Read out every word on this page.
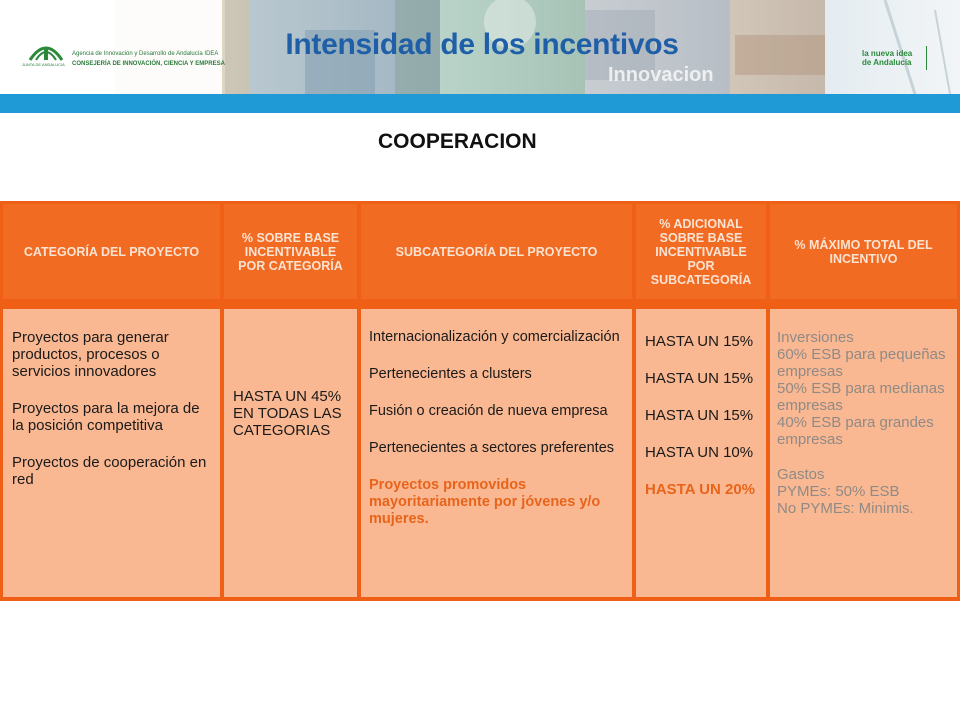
JUNTA DE ANDALUCIA
Agencia de Innovación y Desarrollo de Andalucía IDEA
CONSEJERÍA DE INNOVACIÓN, CIENCIA Y EMPRESA	Innovacion
Intensidad de los incentivos	la nueva idea
de Andalucía
COOPERACION
CATEGORÍA DEL PROYECTO
% SOBRE BASE INCENTIVABLE POR CATEGORÍA
SUBCATEGORÍA DEL PROYECTO
% ADICIONAL SOBRE BASE INCENTIVABLE POR SUBCATEGORÍA
% MÁXIMO TOTAL DEL INCENTIVO

Proyectos para generar productos, procesos o servicios innovadores

Proyectos para la mejora de la posición competitiva

Proyectos de cooperación en red

HASTA UN 45% EN TODAS LAS CATEGORIAS

Internacionalización y comercialización

Pertenecientes a clusters

Fusión o creación de nueva empresa

Pertenecientes a sectores preferentes

Proyectos promovidos mayoritariamente por jóvenes y/o mujeres.

HASTA UN 15%

HASTA UN 15%

HASTA UN 15%

HASTA UN 10%

HASTA UN 20%

Inversiones

60% ESB para pequeñas empresas

50% ESB para medianas empresas

40% ESB para grandes empresas

Gastos

PYMEs: 50% ESB

No PYMEs: Minimis.
